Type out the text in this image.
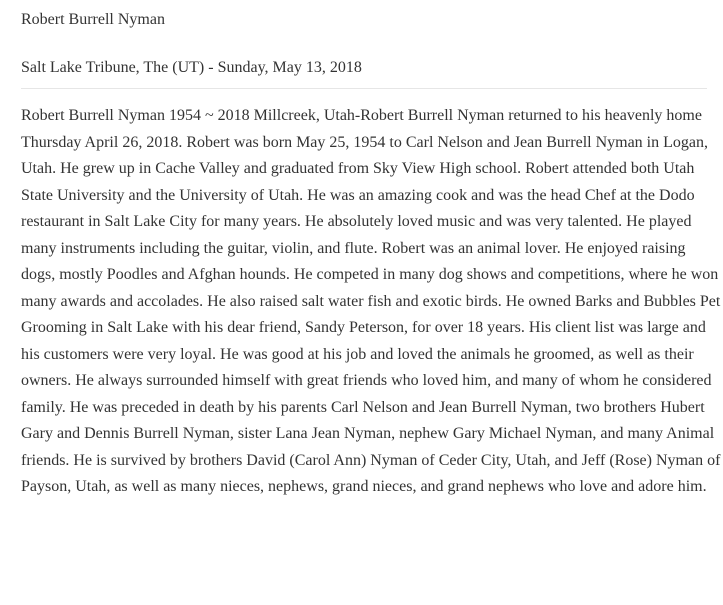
Robert Burrell Nyman

Salt Lake Tribune, The (UT) - Sunday, May 13, 2018

Robert Burrell Nyman 1954 ~ 2018 Millcreek, Utah-Robert Burrell Nyman returned to his heavenly home Thursday April 26, 2018. Robert was born May 25, 1954 to Carl Nelson and Jean Burrell Nyman in Logan, Utah. He grew up in Cache Valley and graduated from Sky View High school. Robert attended both Utah State University and the University of Utah. He was an amazing cook and was the head Chef at the Dodo restaurant in Salt Lake City for many years. He absolutely loved music and was very talented. He played many instruments including the guitar, violin, and flute. Robert was an animal lover. He enjoyed raising dogs, mostly Poodles and Afghan hounds. He competed in many dog shows and competitions, where he won many awards and accolades. He also raised salt water fish and exotic birds. He owned Barks and Bubbles Pet Grooming in Salt Lake with his dear friend, Sandy Peterson, for over 18 years. His client list was large and his customers were very loyal. He was good at his job and loved the animals he groomed, as well as their owners. He always surrounded himself with great friends who loved him, and many of whom he considered family. He was preceded in death by his parents Carl Nelson and Jean Burrell Nyman, two brothers Hubert Gary and Dennis Burrell Nyman, sister Lana Jean Nyman, nephew Gary Michael Nyman, and many Animal friends. He is survived by brothers David (Carol Ann) Nyman of Ceder City, Utah, and Jeff (Rose) Nyman of Payson, Utah, as well as many nieces, nephews, grand nieces, and grand nephews who love and adore him.
